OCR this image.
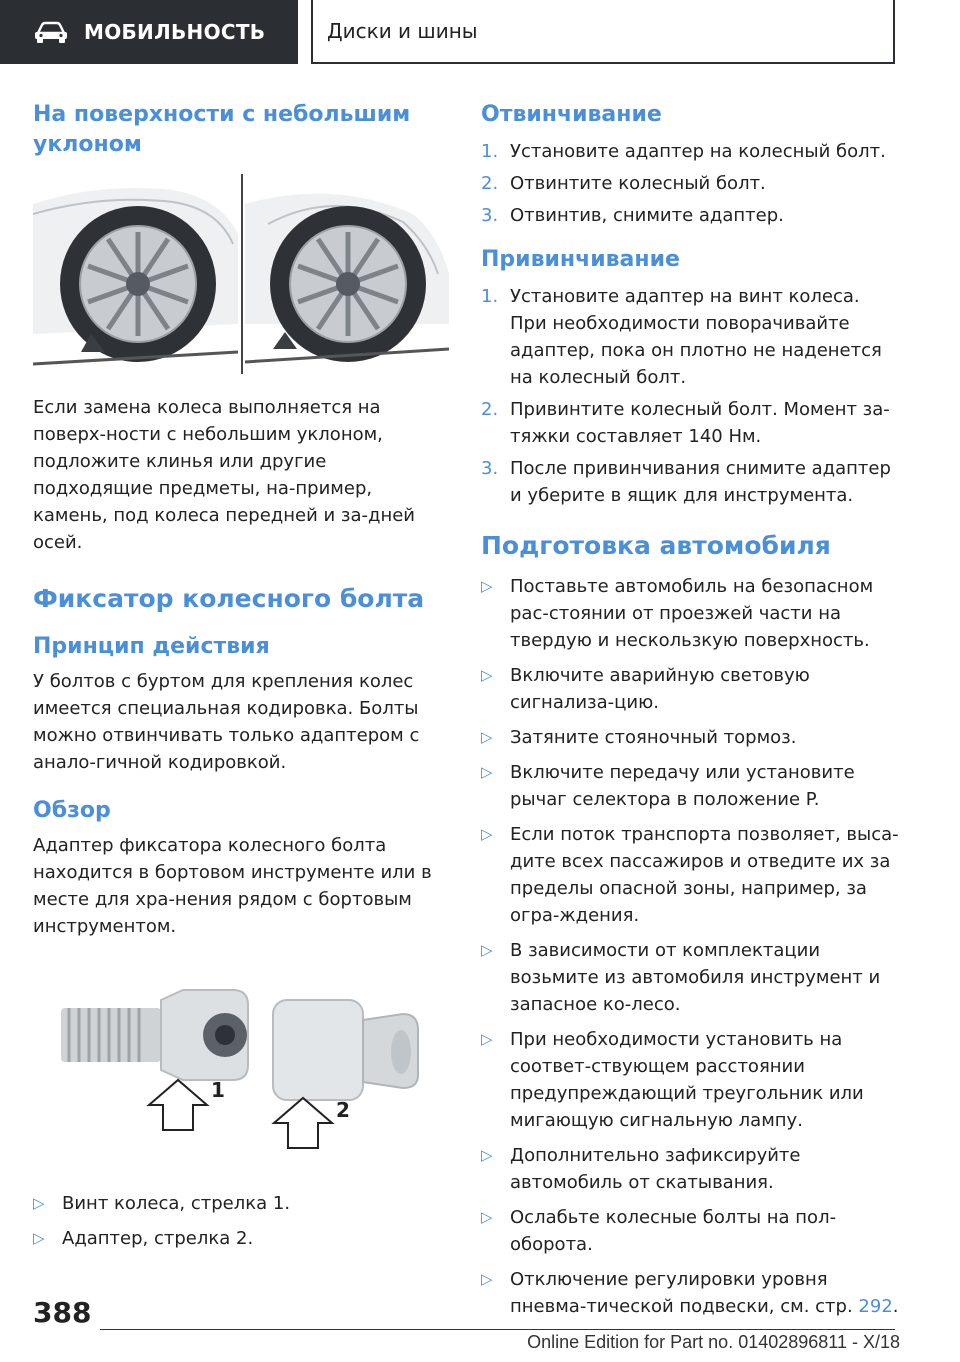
МОБИЛЬНОСТЬ	Диски и шины
На поверхности с небольшим уклоном

Если замена колеса выполняется на поверх-ности с небольшим уклоном, подложите клинья или другие подходящие предметы, на-пример, камень, под колеса передней и за-дней осей.

Фиксатор колесного болта
Принцип действия

У болтов с буртом для крепления колес имеется специальная кодировка. Болты можно отвинчивать только адаптером с анало-гичной кодировкой.

Обзор

Адаптер фиксатора колесного болта находится в бортовом инструменте или в месте для хра-нения рядом с бортовым инструментом.

1
2
▷ Винт колеса, стрелка 1.
▷ Адаптер, стрелка 2.
Отвинчивание
1. Установите адаптер на колесный болт.
2. Отвинтите колесный болт.
3. Отвинтив, снимите адаптер.
Привинчивание
1. Установите адаптер на винт колеса. При необходимости поворачивайте адаптер, пока он плотно не наденется на колесный болт.
2. Привинтите колесный болт. Момент за-тяжки составляет 140 Нм.
3. После привинчивания снимите адаптер и уберите в ящик для инструмента.
Подготовка автомобиля
▷ Поставьте автомобиль на безопасном рас-стоянии от проезжей части на твердую и нескользкую поверхность.
▷ Включите аварийную световую сигнализа-цию.
▷ Затяните стояночный тормоз.
▷ Включите передачу или установите рычаг селектора в положение P.
▷ Если поток транспорта позволяет, выса-дите всех пассажиров и отведите их за пределы опасной зоны, например, за огра-ждения.
▷ В зависимости от комплектации возьмите из автомобиля инструмент и запасное ко-лесо.
▷ При необходимости установить на соответ-ствующем расстоянии предупреждающий треугольник или мигающую сигнальную лампу.
▷ Дополнительно зафиксируйте автомобиль от скатывания.
▷ Ослабьте колесные болты на пол-оборота.
▷ Отключение регулировки уровня пневма-тической подвески, см. стр. 292.
388
Online Edition for Part no. 01402896811 - X/18
